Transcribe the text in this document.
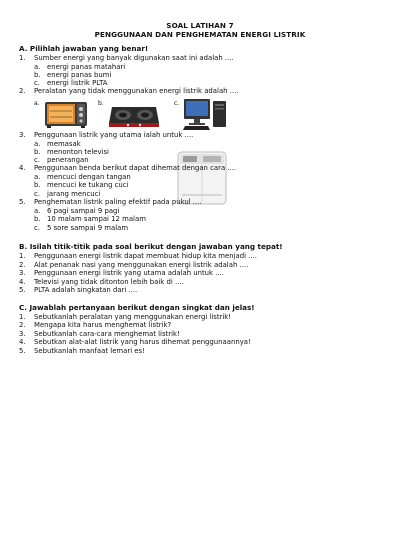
SOAL LATIHAN 7
PENGGUNAAN DAN PENGHEMATAN ENERGI LISTRIK
A. Pilihlah jawaban yang benar!
1. Sumber energi yang banyak digunakan saat ini adalah ....
a. energi panas matahari
b. energi panas bumi
c. energi listrik PLTA
2. Peralatan yang tidak menggunakan energi listrik adalah ....
a.	b.	c.
3. Penggunaan listrik yang utama ialah untuk ....
a. memasak
b. menonton televisi
c. penerangan
4. Penggunaan benda berikut dapat dihemat dengan cara ....
a. mencuci dengan tangan
b. mencuci ke tukang cuci
c. jarang mencuci
5. Penghematan listrik paling efektif pada pukul ....
a. 6 pagi sampai 9 pagi
b. 10 malam sampai 12 malam
c. 5 sore sampai 9 malam
B. Isilah titik-titik pada soal berikut dengan jawaban yang tepat!
1. Penggunaan energi listrik dapat membuat hidup kita menjadi ....
2. Alat penanak nasi yang menggunakan energi listrik adalah ....
3. Penggunaan energi listrik yang utama adalah untuk ....
4. Televisi yang tidak ditonton lebih baik di ....
5. PLTA adalah singkatan dari ....
C. Jawablah pertanyaan berikut dengan singkat dan jelas!
1. Sebutkanlah peralatan yang menggunakan energi listrik!
2. Mengapa kita harus menghemat listrik?
3. Sebutkanlah cara-cara menghemat listrik!
4. Sebutkan alat-alat listrik yang harus dihemat penggunaannya!
5. Sebutkanlah manfaat lemari es!
